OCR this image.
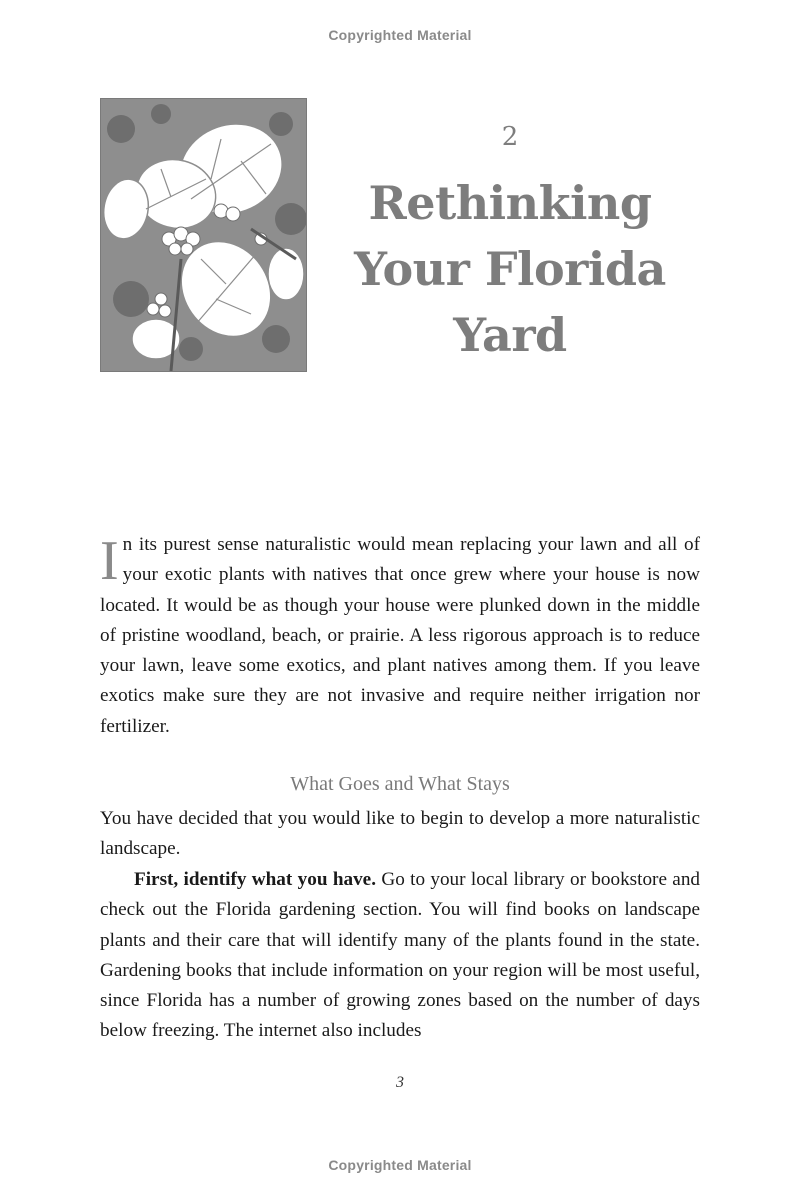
Copyrighted Material
2
Rethinking
Your Florida
Yard
In its purest sense naturalistic would mean replacing your lawn and all of your exotic plants with natives that once grew where your house is now located. It would be as though your house were plunked down in the middle of pristine woodland, beach, or prairie. A less rigorous approach is to reduce your lawn, leave some exotics, and plant natives among them. If you leave exotics make sure they are not invasive and require neither irrigation nor fertilizer.
What Goes and What Stays
You have decided that you would like to begin to develop a more naturalistic landscape.
First, identify what you have. Go to your local library or bookstore and check out the Florida gardening section. You will find books on landscape plants and their care that will identify many of the plants found in the state. Gardening books that include information on your region will be most useful, since Florida has a number of growing zones based on the number of days below freezing. The internet also includes
3
Copyrighted Material
